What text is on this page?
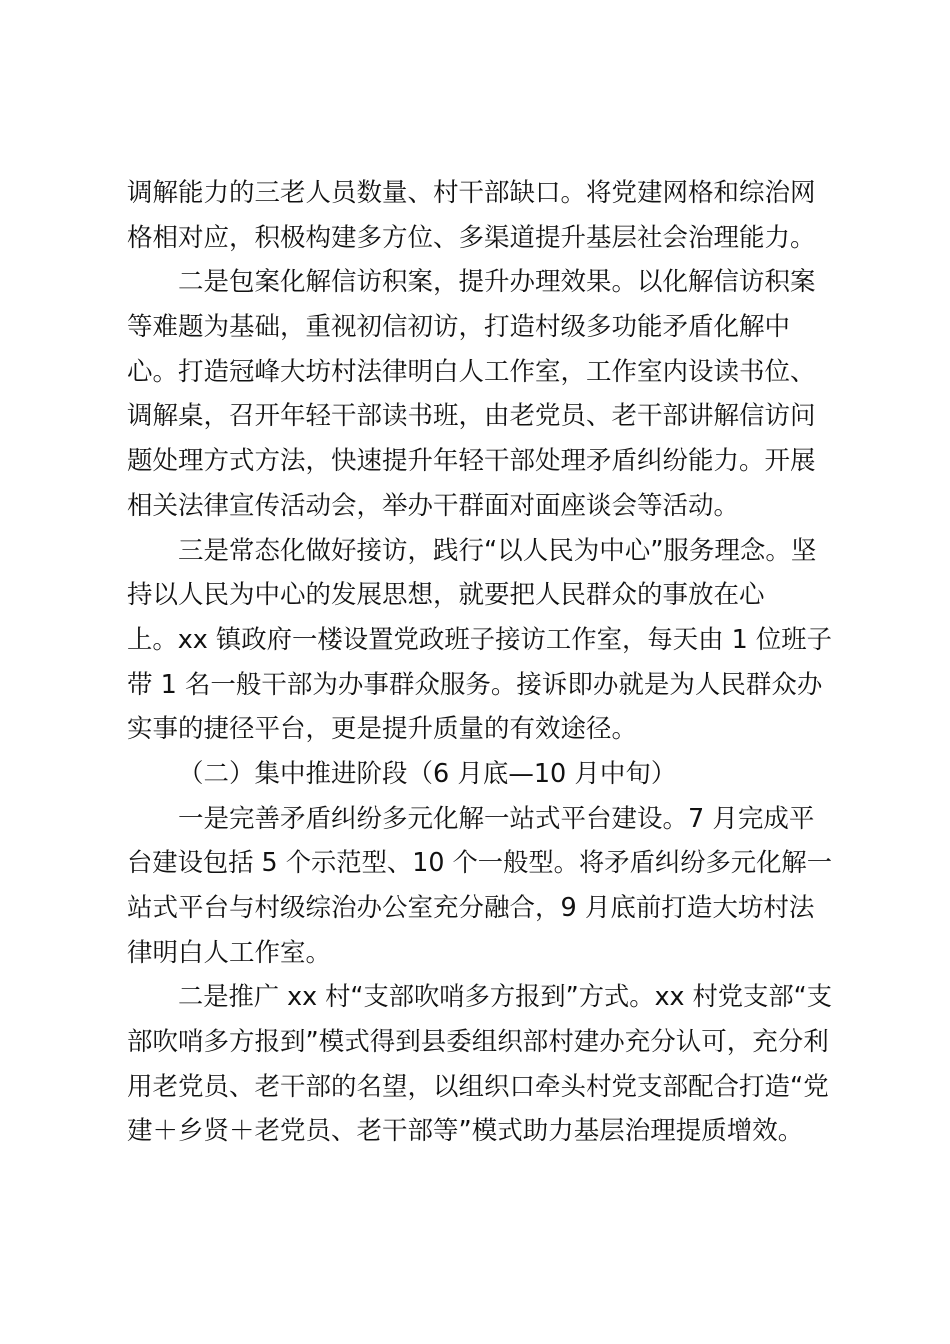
调解能力的三老人员数量、村干部缺口。将党建网格和综治网
格相对应，积极构建多方位、多渠道提升基层社会治理能力。
二是包案化解信访积案，提升办理效果。以化解信访积案
等难题为基础，重视初信初访，打造村级多功能矛盾化解中
心。打造冠峰大坊村法律明白人工作室，工作室内设读书位、
调解桌，召开年轻干部读书班，由老党员、老干部讲解信访问
题处理方式方法，快速提升年轻干部处理矛盾纠纷能力。开展
相关法律宣传活动会，举办干群面对面座谈会等活动。
三是常态化做好接访，践行“以人民为中心”服务理念。坚
持以人民为中心的发展思想，就要把人民群众的事放在心
上。xx 镇政府一楼设置党政班子接访工作室，每天由 1 位班子
带 1 名一般干部为办事群众服务。接诉即办就是为人民群众办
实事的捷径平台，更是提升质量的有效途径。
（二）集中推进阶段（6 月底—10 月中旬）
一是完善矛盾纠纷多元化解一站式平台建设。7 月完成平
台建设包括 5 个示范型、10 个一般型。将矛盾纠纷多元化解一
站式平台与村级综治办公室充分融合，9 月底前打造大坊村法
律明白人工作室。
二是推广 xx 村“支部吹哨多方报到”方式。xx 村党支部“支
部吹哨多方报到”模式得到县委组织部村建办充分认可，充分利
用老党员、老干部的名望，以组织口牵头村党支部配合打造“党
建＋乡贤＋老党员、老干部等”模式助力基层治理提质增效。
